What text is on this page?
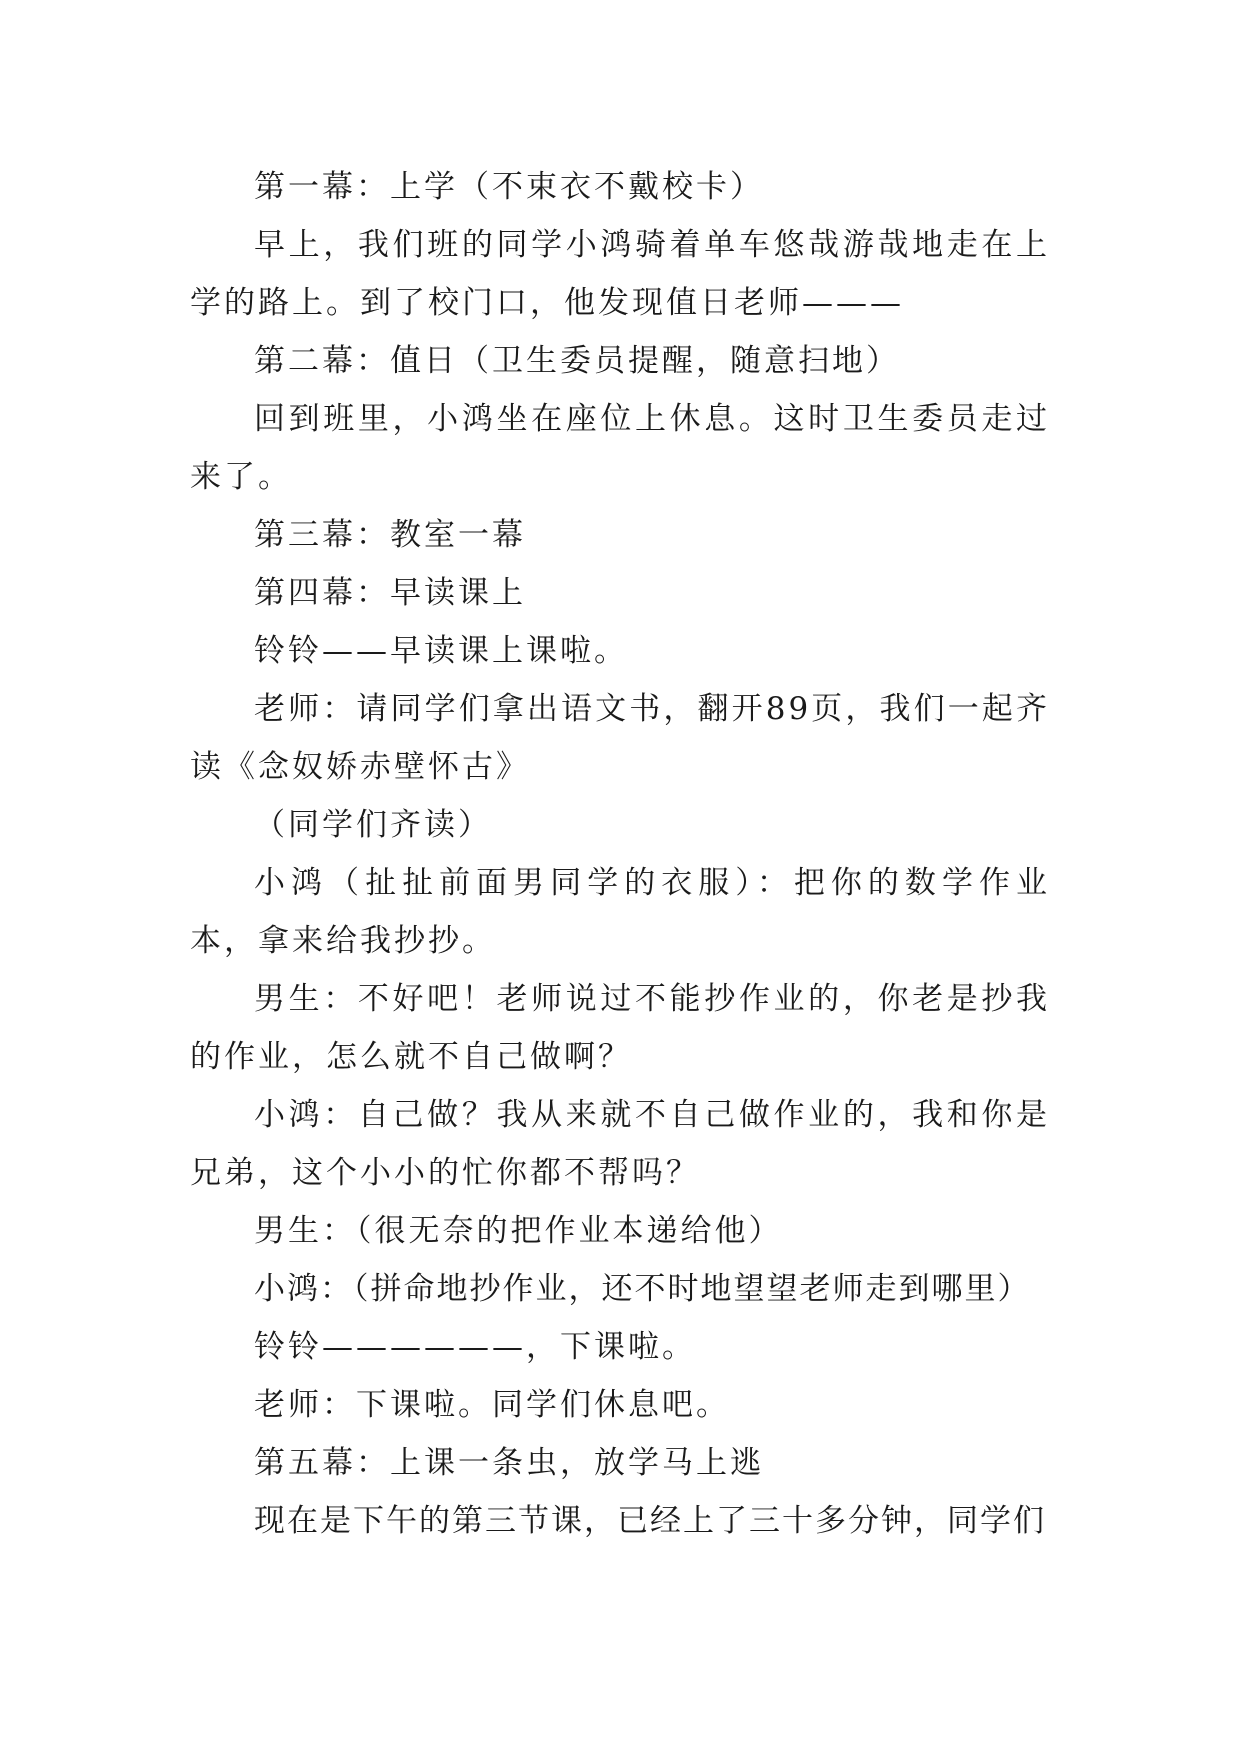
第一幕：上学（不束衣不戴校卡）

早上，我们班的同学小鸿骑着单车悠哉游哉地走在上学的路上。到了校门口，他发现值日老师———

第二幕：值日（卫生委员提醒，随意扫地）

回到班里，小鸿坐在座位上休息。这时卫生委员走过来了。

第三幕：教室一幕

第四幕：早读课上

铃铃——早读课上课啦。

老师：请同学们拿出语文书，翻开89页，我们一起齐读《念奴娇赤壁怀古》

（同学们齐读）

小鸿（扯扯前面男同学的衣服）：把你的数学作业本，拿来给我抄抄。

男生：不好吧！老师说过不能抄作业的，你老是抄我的作业，怎么就不自己做啊？

小鸿：自己做？我从来就不自己做作业的，我和你是兄弟，这个小小的忙你都不帮吗？

男生：（很无奈的把作业本递给他）

小鸿：（拼命地抄作业，还不时地望望老师走到哪里）

铃铃——————，下课啦。

老师：下课啦。同学们休息吧。

第五幕：上课一条虫，放学马上逃

现在是下午的第三节课，已经上了三十多分钟，同学们
